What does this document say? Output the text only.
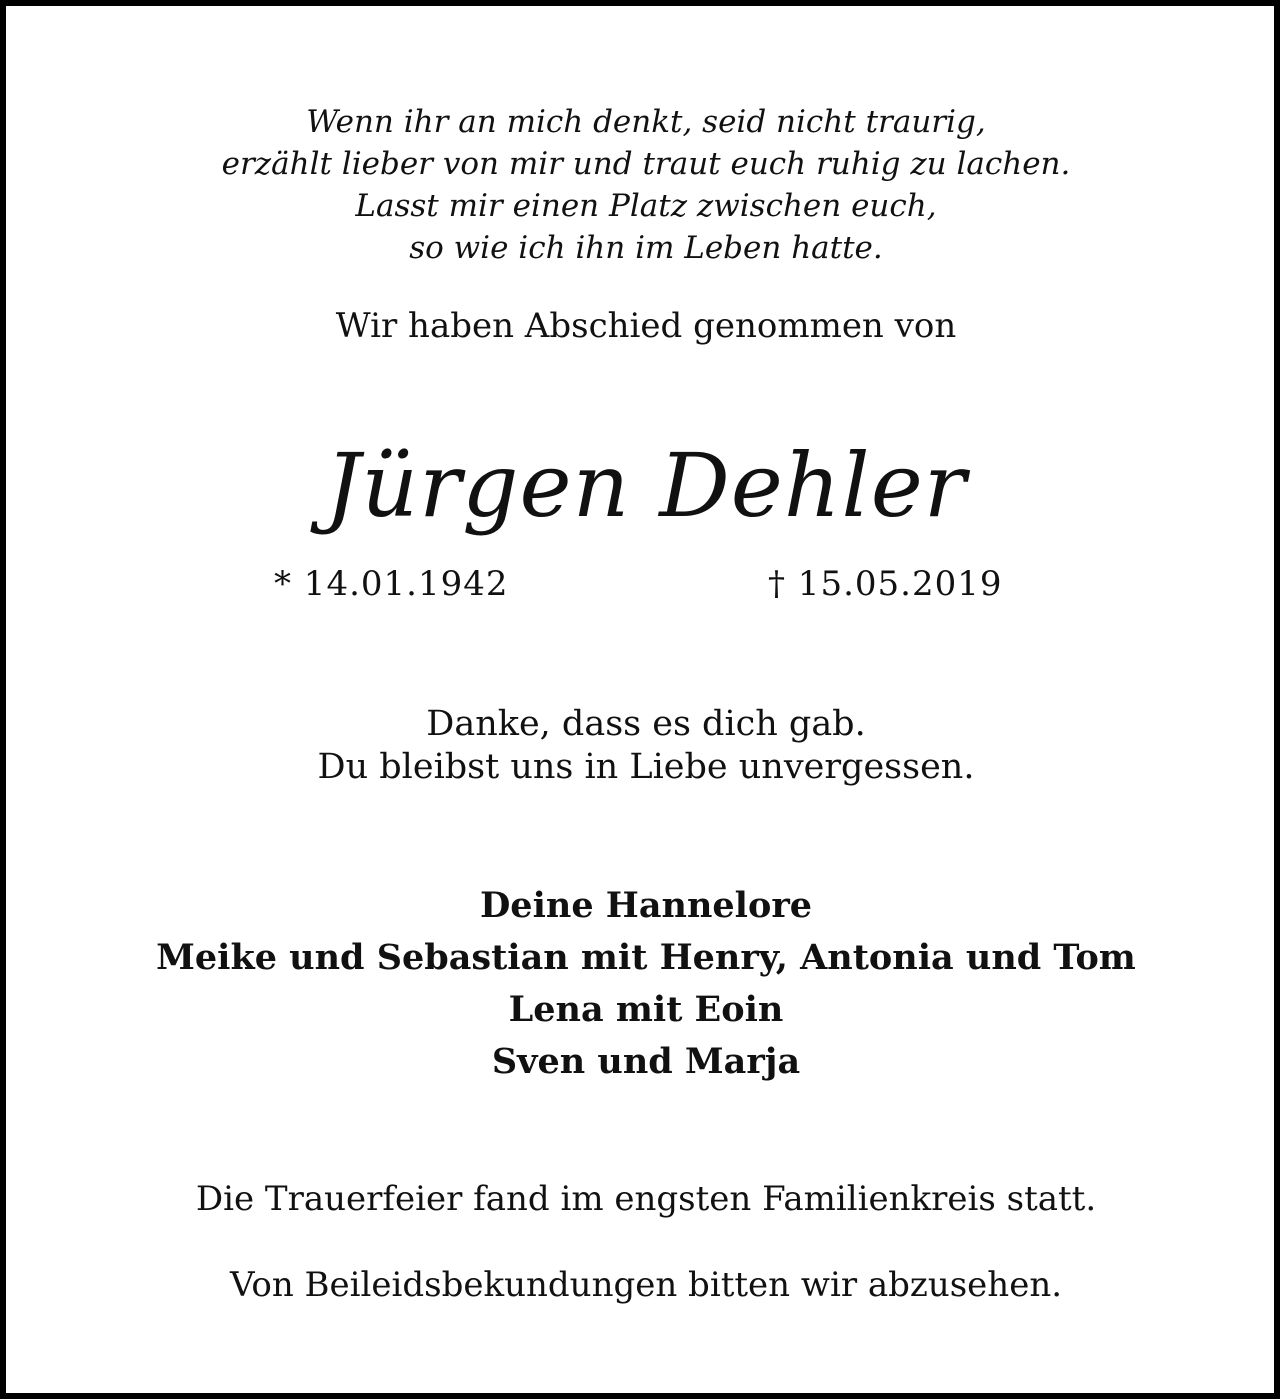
Wenn ihr an mich denkt, seid nicht traurig,
erzählt lieber von mir und traut euch ruhig zu lachen.
Lasst mir einen Platz zwischen euch,
so wie ich ihn im Leben hatte.
Wir haben Abschied genommen von
Jürgen Dehler
* 14.01.1942	† 15.05.2019
Danke, dass es dich gab.
Du bleibst uns in Liebe unvergessen.
Deine Hannelore
Meike und Sebastian mit Henry, Antonia und Tom
Lena mit Eoin
Sven und Marja
Die Trauerfeier fand im engsten Familienkreis statt.
Von Beileidsbekundungen bitten wir abzusehen.
